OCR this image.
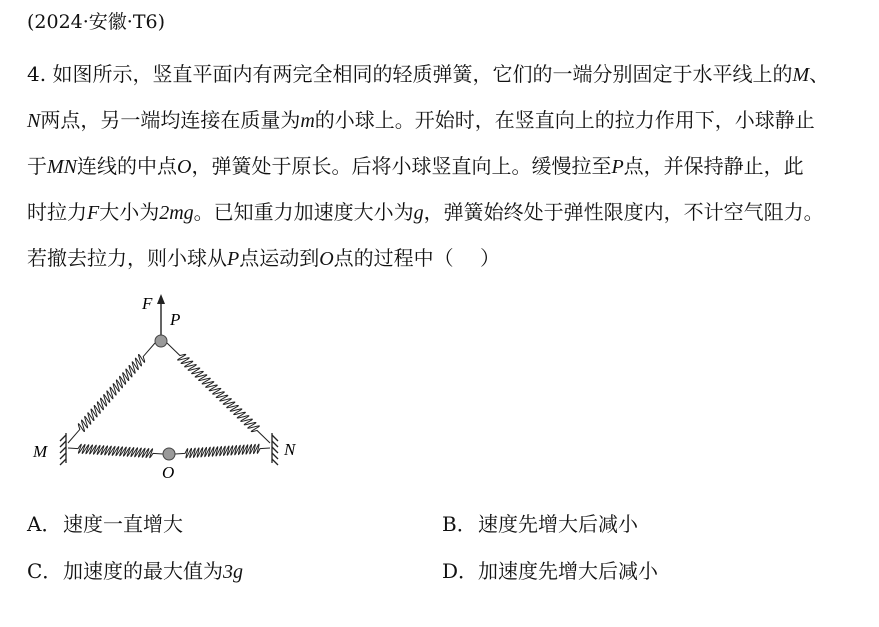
(2024·安徽·T6)
4. 如图所示，竖直平面内有两完全相同的轻质弹簧，它们的一端分别固定于水平线上的M、
N两点，另一端均连接在质量为m的小球上。开始时，在竖直向上的拉力作用下，小球静止
于MN连线的中点O，弹簧处于原长。后将小球竖直向上。缓慢拉至P点，并保持静止，此
时拉力F大小为2mg。已知重力加速度大小为g，弹簧始终处于弹性限度内，不计空气阻力。
若撤去拉力，则小球从P点运动到O点的过程中（　 ）
F
P
M	N
O
A．速度一直增大	B．速度先增大后减小
C．加速度的最大值为3g	D．加速度先增大后减小
